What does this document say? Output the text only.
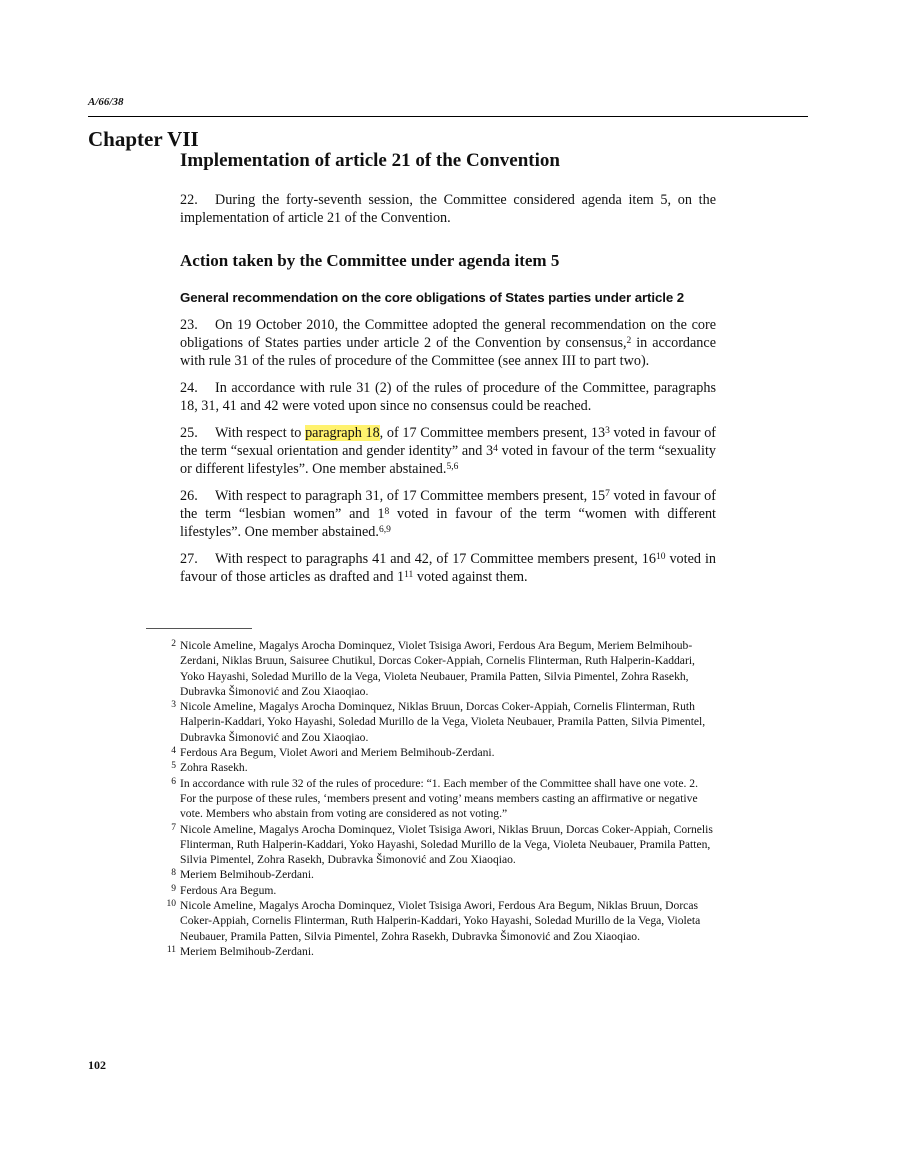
A/66/38
Chapter VII
Implementation of article 21 of the Convention
22. During the forty-seventh session, the Committee considered agenda item 5, on the implementation of article 21 of the Convention.
Action taken by the Committee under agenda item 5
General recommendation on the core obligations of States parties under article 2

23. On 19 October 2010, the Committee adopted the general recommendation on the core obligations of States parties under article 2 of the Convention by consensus,$^2$ in accordance with rule 31 of the rules of procedure of the Committee (see annex III to part two).

24. In accordance with rule 31 (2) of the rules of procedure of the Committee, paragraphs 18, 31, 41 and 42 were voted upon since no consensus could be reached.

25. With respect to paragraph 18, of 17 Committee members present, $13^3$ voted in favour of the term “sexual orientation and gender identity” and $3^4$ voted in favour of the term “sexuality or different lifestyles”. One member abstained.$^{5,6}$

26. With respect to paragraph 31, of 17 Committee members present, $15^7$ voted in favour of the term “lesbian women” and $1^8$ voted in favour of the term “women with different lifestyles”. One member abstained.$^{6,9}$

27. With respect to paragraphs 41 and 42, of 17 Committee members present, $16^{10}$ voted in favour of those articles as drafted and $1^{11}$ voted against them.

2 Nicole Ameline, Magalys Arocha Dominquez, Violet Tsisiga Awori, Ferdous Ara Begum, Meriem Belmihoub-Zerdani, Niklas Bruun, Saisuree Chutikul, Dorcas Coker-Appiah, Cornelis Flinterman, Ruth Halperin-Kaddari, Yoko Hayashi, Soledad Murillo de la Vega, Violeta Neubauer, Pramila Patten, Silvia Pimentel, Zohra Rasekh, Dubravka Šimonović and Zou Xiaoqiao.
3 Nicole Ameline, Magalys Arocha Dominquez, Niklas Bruun, Dorcas Coker-Appiah, Cornelis Flinterman, Ruth Halperin-Kaddari, Yoko Hayashi, Soledad Murillo de la Vega, Violeta Neubauer, Pramila Patten, Silvia Pimentel, Dubravka Šimonović and Zou Xiaoqiao.
4 Ferdous Ara Begum, Violet Awori and Meriem Belmihoub-Zerdani.
5 Zohra Rasekh.
6 In accordance with rule 32 of the rules of procedure: “1. Each member of the Committee shall have one vote. 2. For the purpose of these rules, ‘members present and voting’ means members casting an affirmative or negative vote. Members who abstain from voting are considered as not voting.”
7 Nicole Ameline, Magalys Arocha Dominquez, Violet Tsisiga Awori, Niklas Bruun, Dorcas Coker-Appiah, Cornelis Flinterman, Ruth Halperin-Kaddari, Yoko Hayashi, Soledad Murillo de la Vega, Violeta Neubauer, Pramila Patten, Silvia Pimentel, Zohra Rasekh, Dubravka Šimonović and Zou Xiaoqiao.
8 Meriem Belmihoub-Zerdani.
9 Ferdous Ara Begum.
10 Nicole Ameline, Magalys Arocha Dominquez, Violet Tsisiga Awori, Ferdous Ara Begum, Niklas Bruun, Dorcas Coker-Appiah, Cornelis Flinterman, Ruth Halperin-Kaddari, Yoko Hayashi, Soledad Murillo de la Vega, Violeta Neubauer, Pramila Patten, Silvia Pimentel, Zohra Rasekh, Dubravka Šimonović and Zou Xiaoqiao.
11 Meriem Belmihoub-Zerdani.
102
